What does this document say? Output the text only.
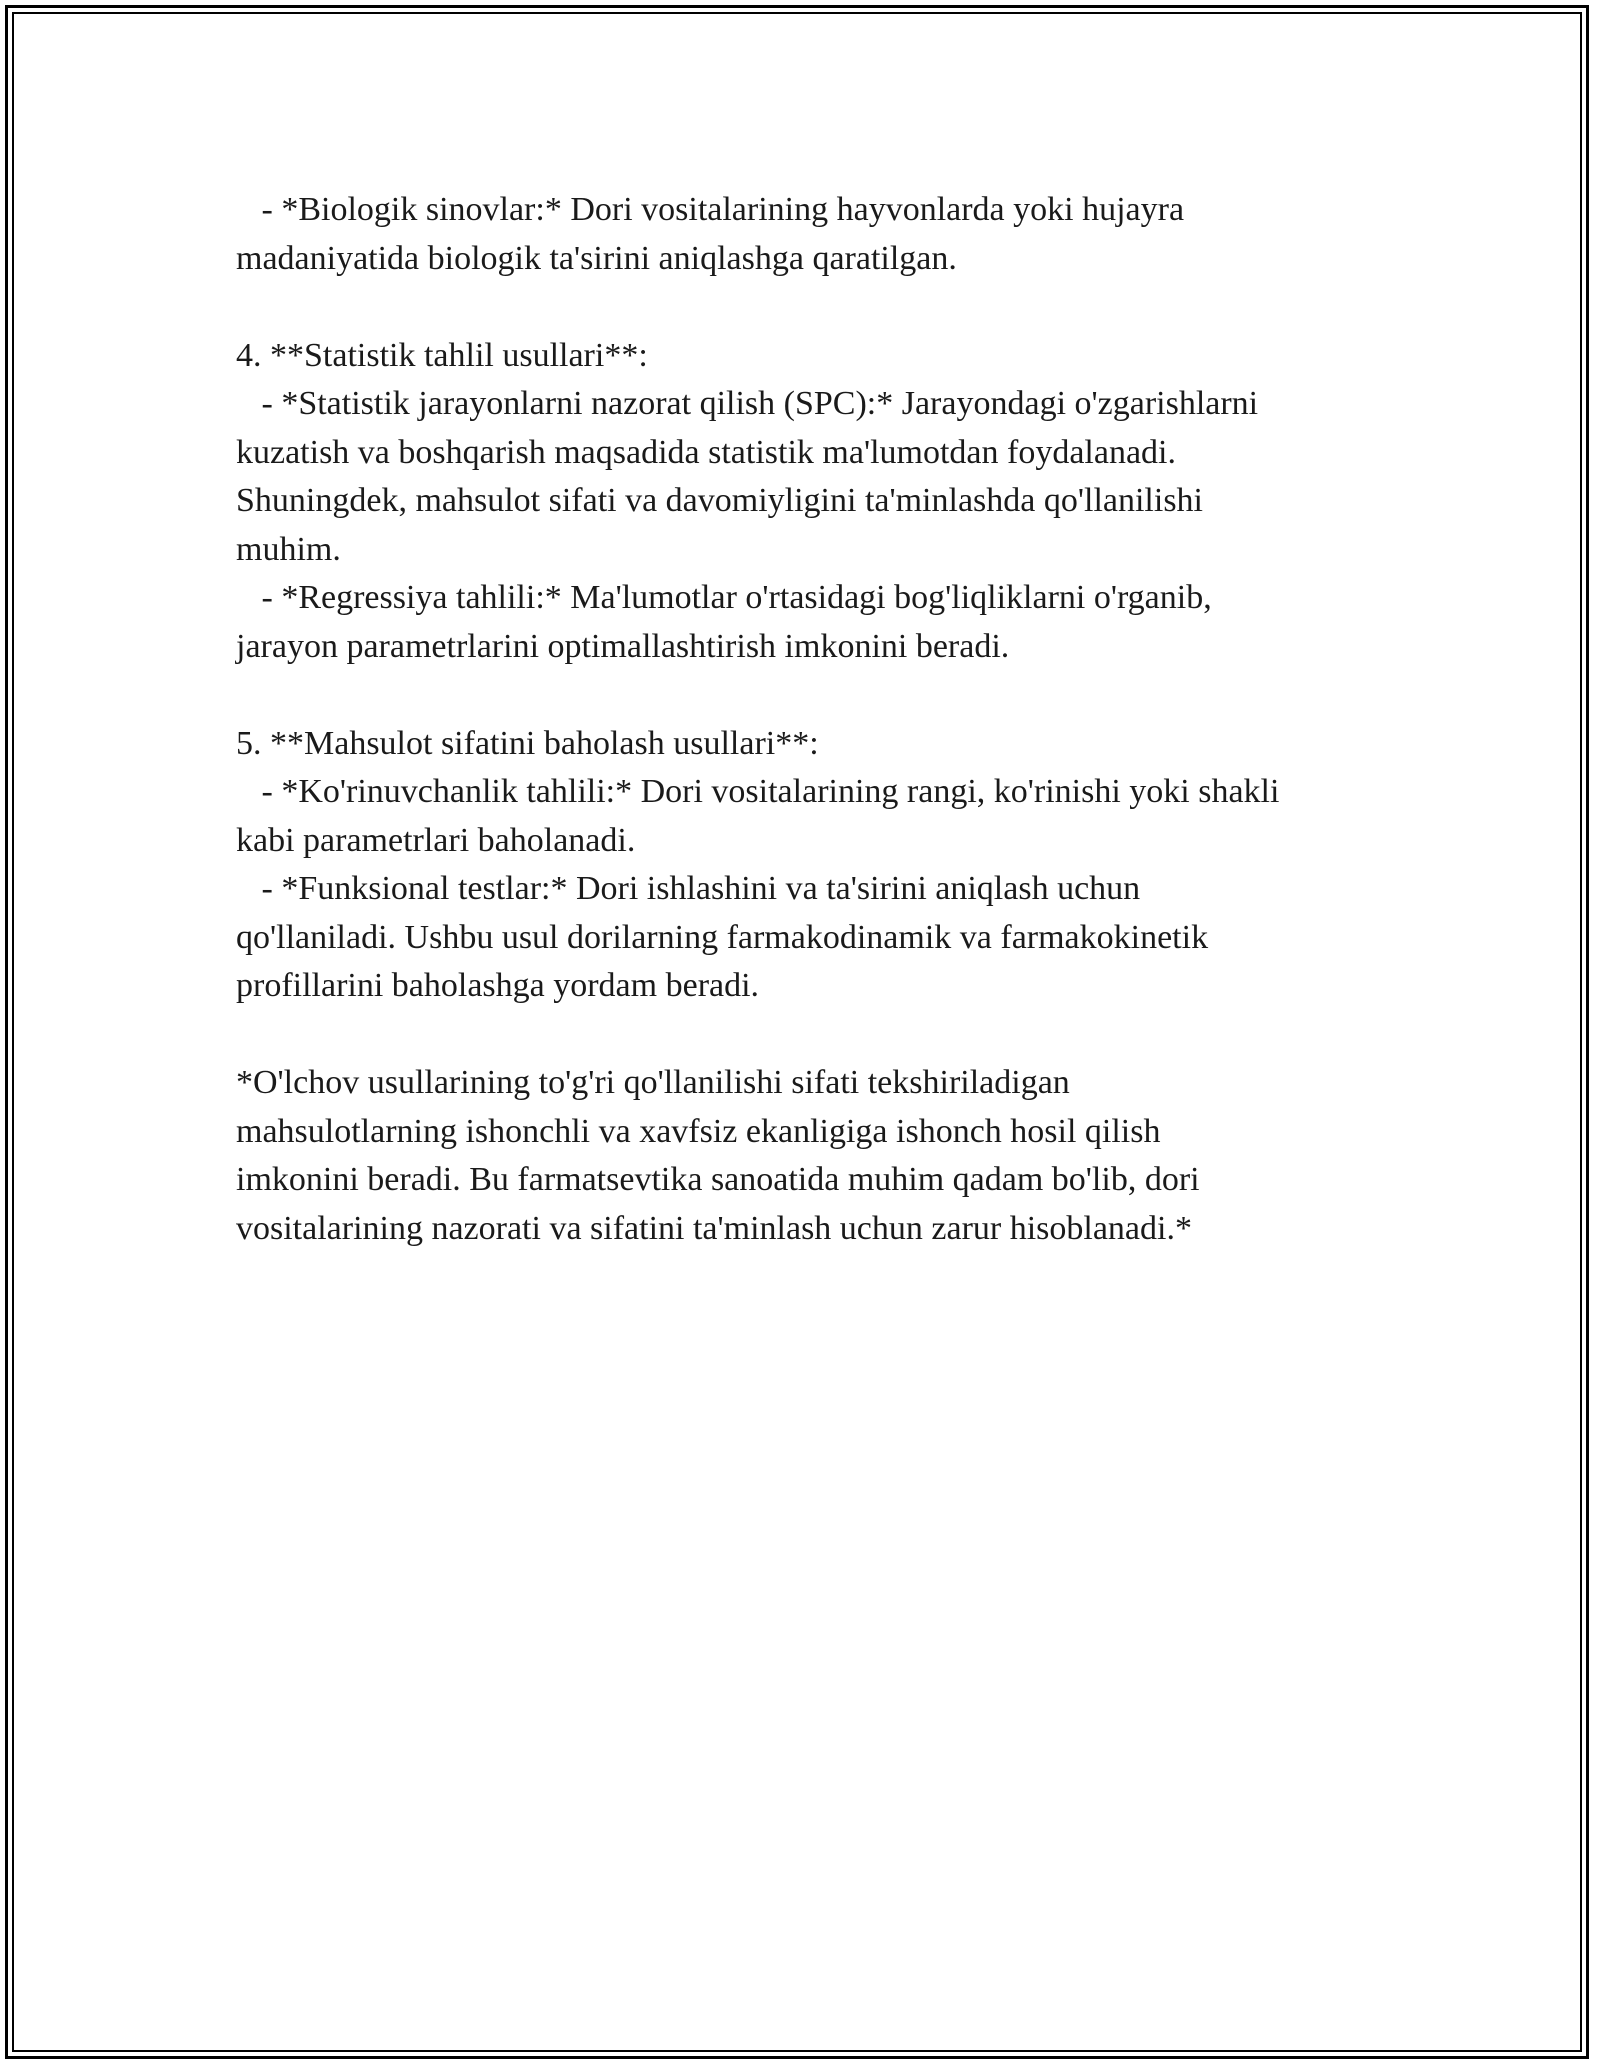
- *Biologik sinovlar:* Dori vositalarining hayvonlarda yoki hujayra
madaniyatida biologik ta'sirini aniqlashga qaratilgan.
4. **Statistik tahlil usullari**:
- *Statistik jarayonlarni nazorat qilish (SPC):* Jarayondagi o'zgarishlarni
kuzatish va boshqarish maqsadida statistik ma'lumotdan foydalanadi.
Shuningdek, mahsulot sifati va davomiyligini ta'minlashda qo'llanilishi
muhim.
- *Regressiya tahlili:* Ma'lumotlar o'rtasidagi bog'liqliklarni o'rganib,
jarayon parametrlarini optimallashtirish imkonini beradi.
5. **Mahsulot sifatini baholash usullari**:
- *Ko'rinuvchanlik tahlili:* Dori vositalarining rangi, ko'rinishi yoki shakli
kabi parametrlari baholanadi.
- *Funksional testlar:* Dori ishlashini va ta'sirini aniqlash uchun
qo'llaniladi. Ushbu usul dorilarning farmakodinamik va farmakokinetik
profillarini baholashga yordam beradi.
*O'lchov usullarining to'g'ri qo'llanilishi sifati tekshiriladigan
mahsulotlarning ishonchli va xavfsiz ekanligiga ishonch hosil qilish
imkonini beradi. Bu farmatsevtika sanoatida muhim qadam bo'lib, dori
vositalarining nazorati va sifatini ta'minlash uchun zarur hisoblanadi.*
